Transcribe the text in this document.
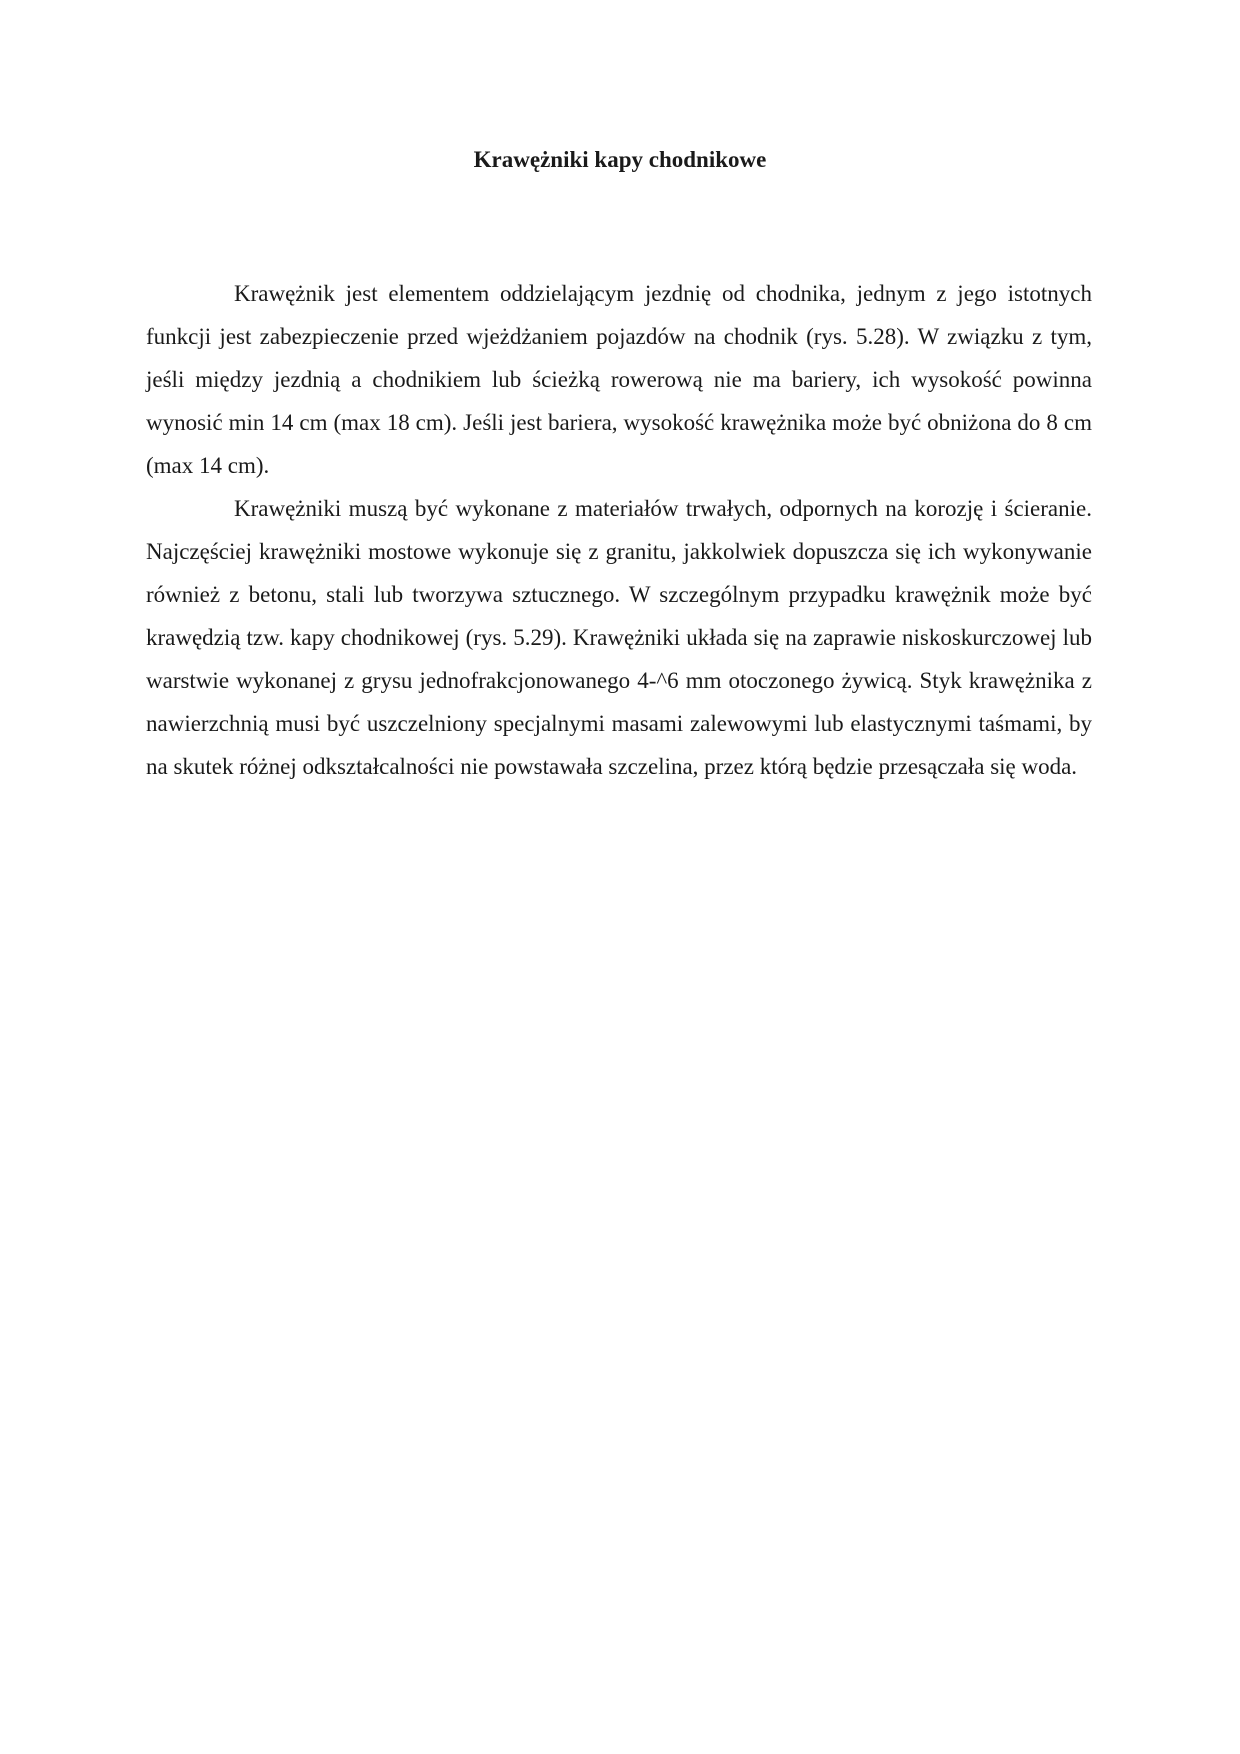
Krawężniki kapy chodnikowe

Krawężnik jest elementem oddzielającym jezdnię od chodnika, jednym z jego istotnych funkcji jest zabezpieczenie przed wjeżdżaniem pojazdów na chodnik (rys. 5.28). W związku z tym, jeśli między jezdnią a chodnikiem lub ścieżką rowerową nie ma bariery, ich wysokość powinna wynosić min 14 cm (max 18 cm). Jeśli jest bariera, wysokość krawężnika może być obniżona do 8 cm (max 14 cm).

Krawężniki muszą być wykonane z materiałów trwałych, odpornych na korozję i ścieranie. Najczęściej krawężniki mostowe wykonuje się z granitu, jakkolwiek dopuszcza się ich wykonywanie również z betonu, stali lub tworzywa sztucznego. W szczególnym przypadku krawężnik może być krawędzią tzw. kapy chodnikowej (rys. 5.29). Krawężniki układa się na zaprawie niskoskurczowej lub warstwie wykonanej z grysu jednofrakcjonowanego 4-^6 mm otoczonego żywicą. Styk krawężnika z nawierzchnią musi być uszczelniony specjalnymi masami zalewowymi lub elastycznymi taśmami, by na skutek różnej odkształcalności nie powstawała szczelina, przez którą będzie przesączała się woda.
